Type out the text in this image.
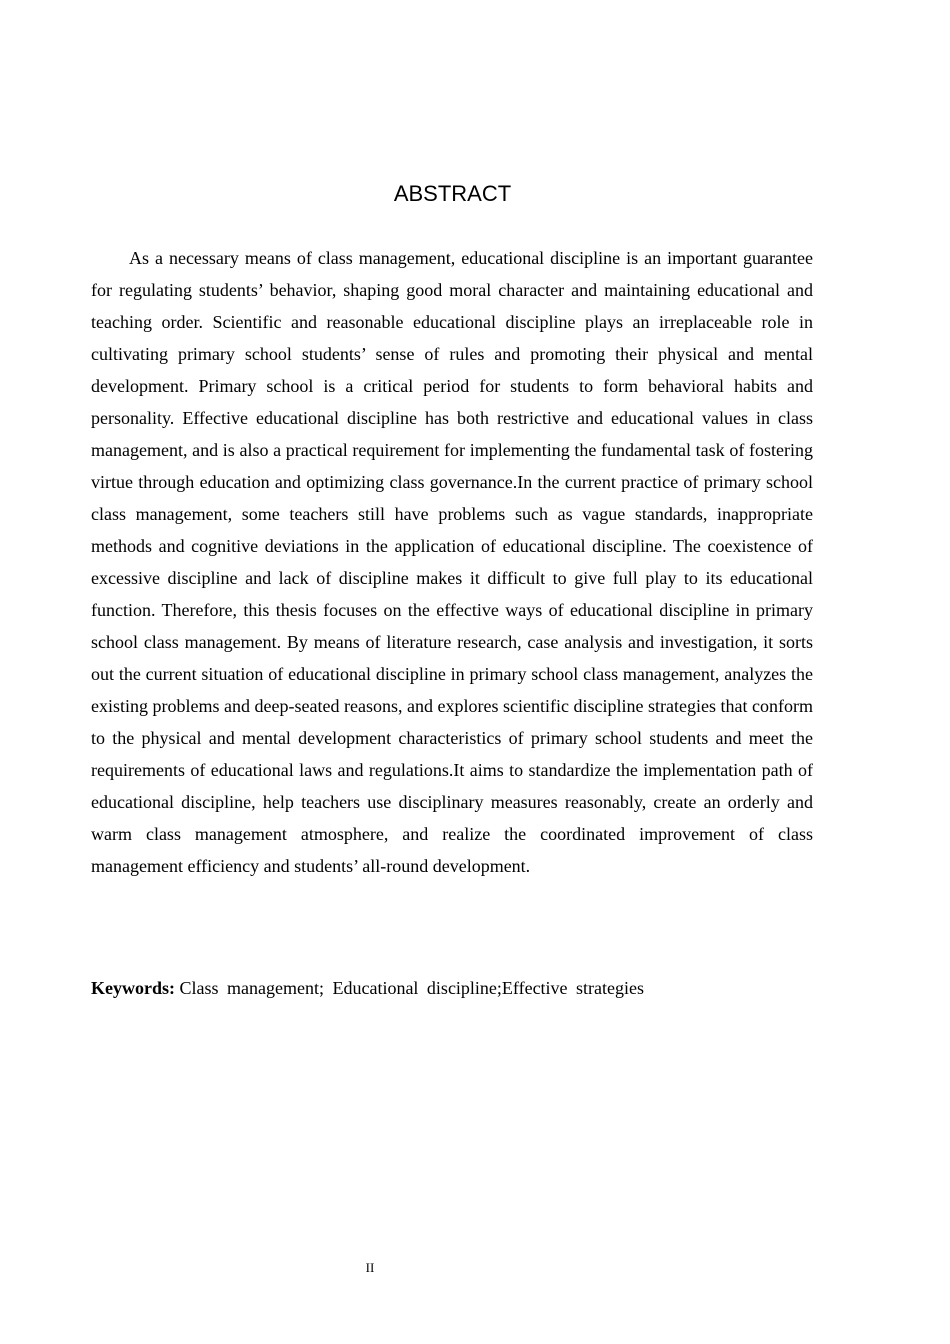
ABSTRACT

As a necessary means of class management, educational discipline is an important guarantee for regulating students’ behavior, shaping good moral character and maintaining educational and teaching order. Scientific and reasonable educational discipline plays an irreplaceable role in cultivating primary school students’ sense of rules and promoting their physical and mental development. Primary school is a critical period for students to form behavioral habits and personality. Effective educational discipline has both restrictive and educational values in class management, and is also a practical requirement for implementing the fundamental task of fostering virtue through education and optimizing class governance.In the current practice of primary school class management, some teachers still have problems such as vague standards, inappropriate methods and cognitive deviations in the application of educational discipline. The coexistence of excessive discipline and lack of discipline makes it difficult to give full play to its educational function. Therefore, this thesis focuses on the effective ways of educational discipline in primary school class management. By means of literature research, case analysis and investigation, it sorts out the current situation of educational discipline in primary school class management, analyzes the existing problems and deep-seated reasons, and explores scientific discipline strategies that conform to the physical and mental development characteristics of primary school students and meet the requirements of educational laws and regulations.It aims to standardize the implementation path of educational discipline, help teachers use disciplinary measures reasonably, create an orderly and warm class management atmosphere, and realize the coordinated improvement of class management efficiency and students’ all-round development.

Keywords: Class management; Educational discipline;Effective strategies

II
